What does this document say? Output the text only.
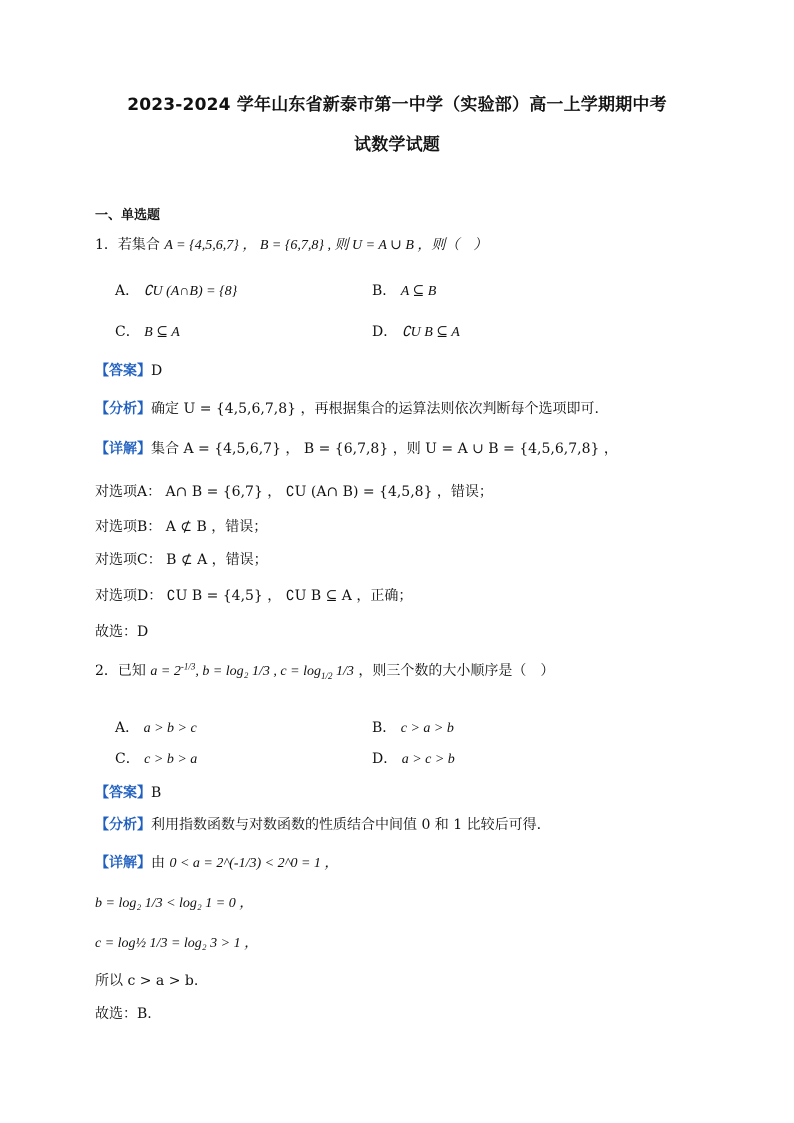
2023-2024 学年山东省新泰市第一中学（实验部）高一上学期期中考
试数学试题
一、单选题
1．若集合 A = {4,5,6,7} ， B = {6,7,8} , 则 U = A ∪ B ，则（　）
A． ∁U (A∩B) = {8}	B． A ⊆ B
C． B ⊆ A	D． ∁U B ⊆ A
【答案】D
【分析】确定 U = {4,5,6,7,8} ，再根据集合的运算法则依次判断每个选项即可.
【详解】集合 A = {4,5,6,7} ， B = {6,7,8} ，则 U = A ∪ B = {4,5,6,7,8} ，
对选项A： A∩ B = {6,7} ， ∁U (A∩ B) = {4,5,8} ，错误；
对选项B： A ⊄ B ，错误；
对选项C： B ⊄ A ，错误；
对选项D： ∁U B = {4,5} ， ∁U B ⊆ A ，正确；
故选：D
2．已知 $a = 2^{-1/3}$, b = log₂ 1/3 , $c = \log_{1/2} 1/3$ ，则三个数的大小顺序是（　）
A． a > b > c	B． c > a > b
C． c > b > a	D． a > c > b
【答案】B
【分析】利用指数函数与对数函数的性质结合中间值 0 和 1 比较后可得.
【详解】由 0 < a = 2^(-1/3) < 2^0 = 1 ，
b = log₂ 1/3 < log₂ 1 = 0 ，
c = log½ 1/3 = log₂ 3 > 1 ，
所以 c > a > b.
故选：B.
